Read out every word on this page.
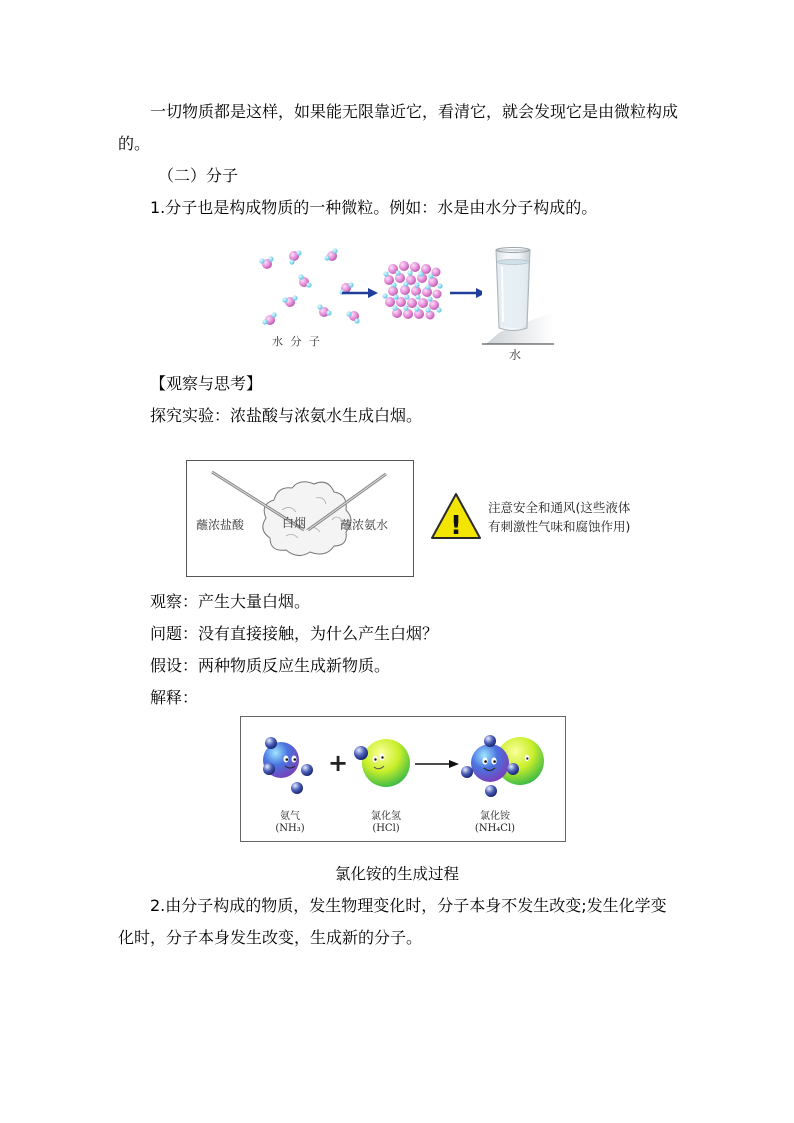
一切物质都是这样，如果能无限靠近它，看清它，就会发现它是由微粒构成
的。
（二）分子
1.分子也是构成物质的一种微粒。例如：水是由水分子构成的。
水 分 子
水
【观察与思考】
探究实验：浓盐酸与浓氨水生成白烟。
蘸浓盐酸	白烟	蘸浓氨水 !
注意安全和通风(这些液体
有刺激性气味和腐蚀作用)
观察：产生大量白烟。
问题：没有直接接触，为什么产生白烟？
假设：两种物质反应生成新物质。
解释：
+
氨气
(NH₃)
氯化氢
(HCl)
氯化铵
(NH₄Cl)
氯化铵的生成过程
2.由分子构成的物质，发生物理变化时，分子本身不发生改变;发生化学变
化时，分子本身发生改变，生成新的分子。
